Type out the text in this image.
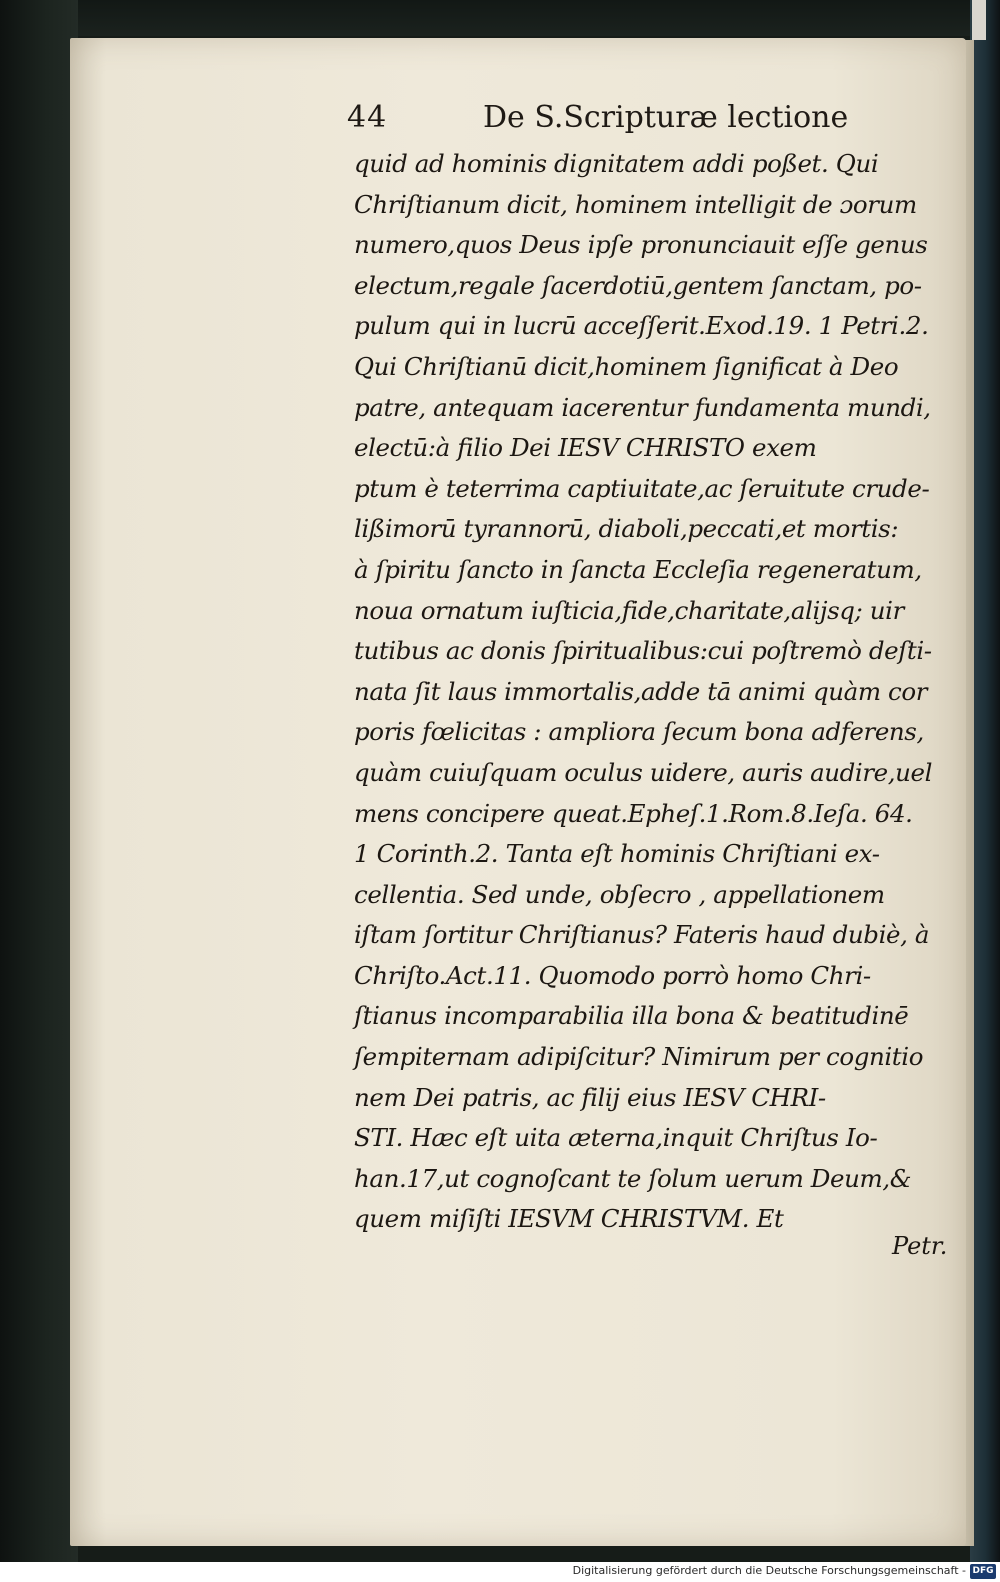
44	De S.Scripturæ lectione
quid ad hominis dignitatem addi poßet. Qui
Chriſtianum dicit, hominem intelligit de ɔorum
numero,quos Deus ipſe pronunciauit eſſe genus
electum,regale ſacerdotiū,gentem ſanctam, po-
pulum qui in lucrū acceſſerit.Exod.19. 1 Petri.2.
Qui Chriſtianū dicit,hominem ſignificat à Deo
patre, antequam iacerentur fundamenta mundi,
electū:à filio Dei IESV CHRISTO exem
ptum è teterrima captiuitate,ac ſeruitute crude-
lißimorū tyrannorū, diaboli,peccati,et mortis:
à ſpiritu ſancto in ſancta Eccleſia regeneratum,
noua ornatum iuſticia,fide,charitate,alijsq; uir
tutibus ac donis ſpiritualibus:cui poſtremò deſti-
nata ſit laus immortalis,adde tā animi quàm cor
poris fœlicitas : ampliora ſecum bona adferens,
quàm cuiuſquam oculus uidere, auris audire,uel
mens concipere queat.Epheſ.1.Rom.8.Ieſa. 64.
1 Corinth.2. Tanta eſt hominis Chriſtiani ex-
cellentia. Sed unde, obſecro , appellationem
iſtam ſortitur Chriſtianus? Fateris haud dubiè, à
Chriſto.Act.11. Quomodo porrò homo Chri-
ſtianus incomparabilia illa bona & beatitudinē
ſempiternam adipiſcitur? Nimirum per cognitio
nem Dei patris, ac filij eius IESV CHRI-
STI. Hæc eſt uita æterna,inquit Chriſtus Io-
han.17,ut cognoſcant te ſolum uerum Deum,&
quem miſiſti IESVM CHRISTVM. Et
Petr.
Digitalisierung gefördert durch die Deutsche Forschungsgemeinschaft - DFG
